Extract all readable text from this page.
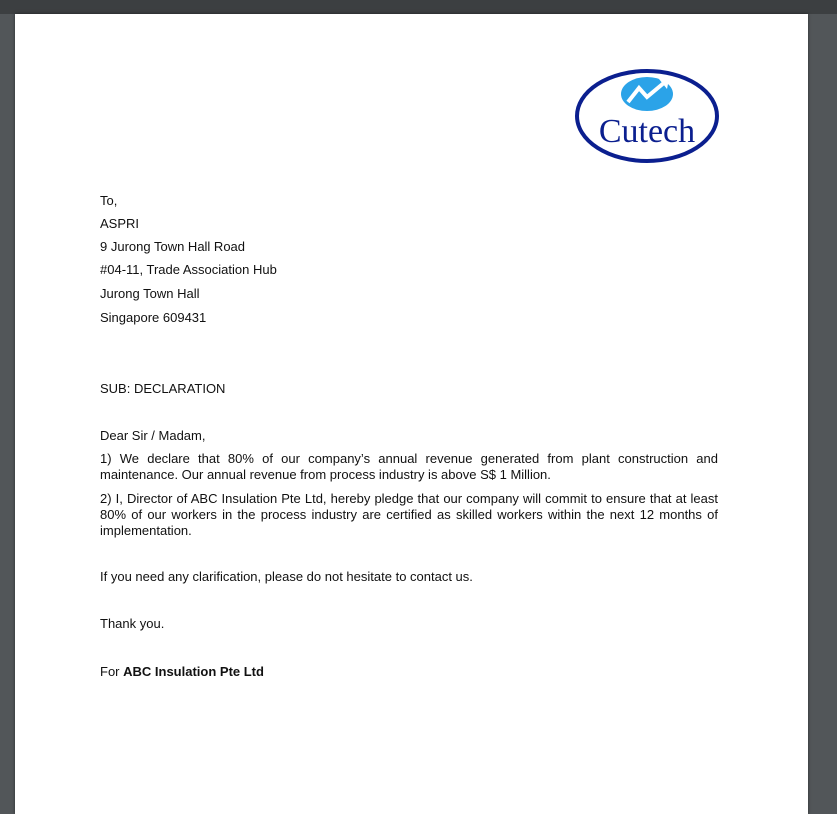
Cutech
To,
ASPRI
9 Jurong Town Hall Road
#04-11, Trade Association Hub
Jurong Town Hall
Singapore 609431
SUB: DECLARATION
Dear Sir / Madam,
1) We declare that 80% of our company’s annual revenue generated from plant construction and maintenance. Our annual revenue from process industry is above S$ 1 Million.
2) I, Director of ABC Insulation Pte Ltd, hereby pledge that our company will commit to ensure that at least 80% of our workers in the process industry are certified as skilled workers within the next 12 months of implementation.
If you need any clarification, please do not hesitate to contact us.
Thank you.
For ABC Insulation Pte Ltd
